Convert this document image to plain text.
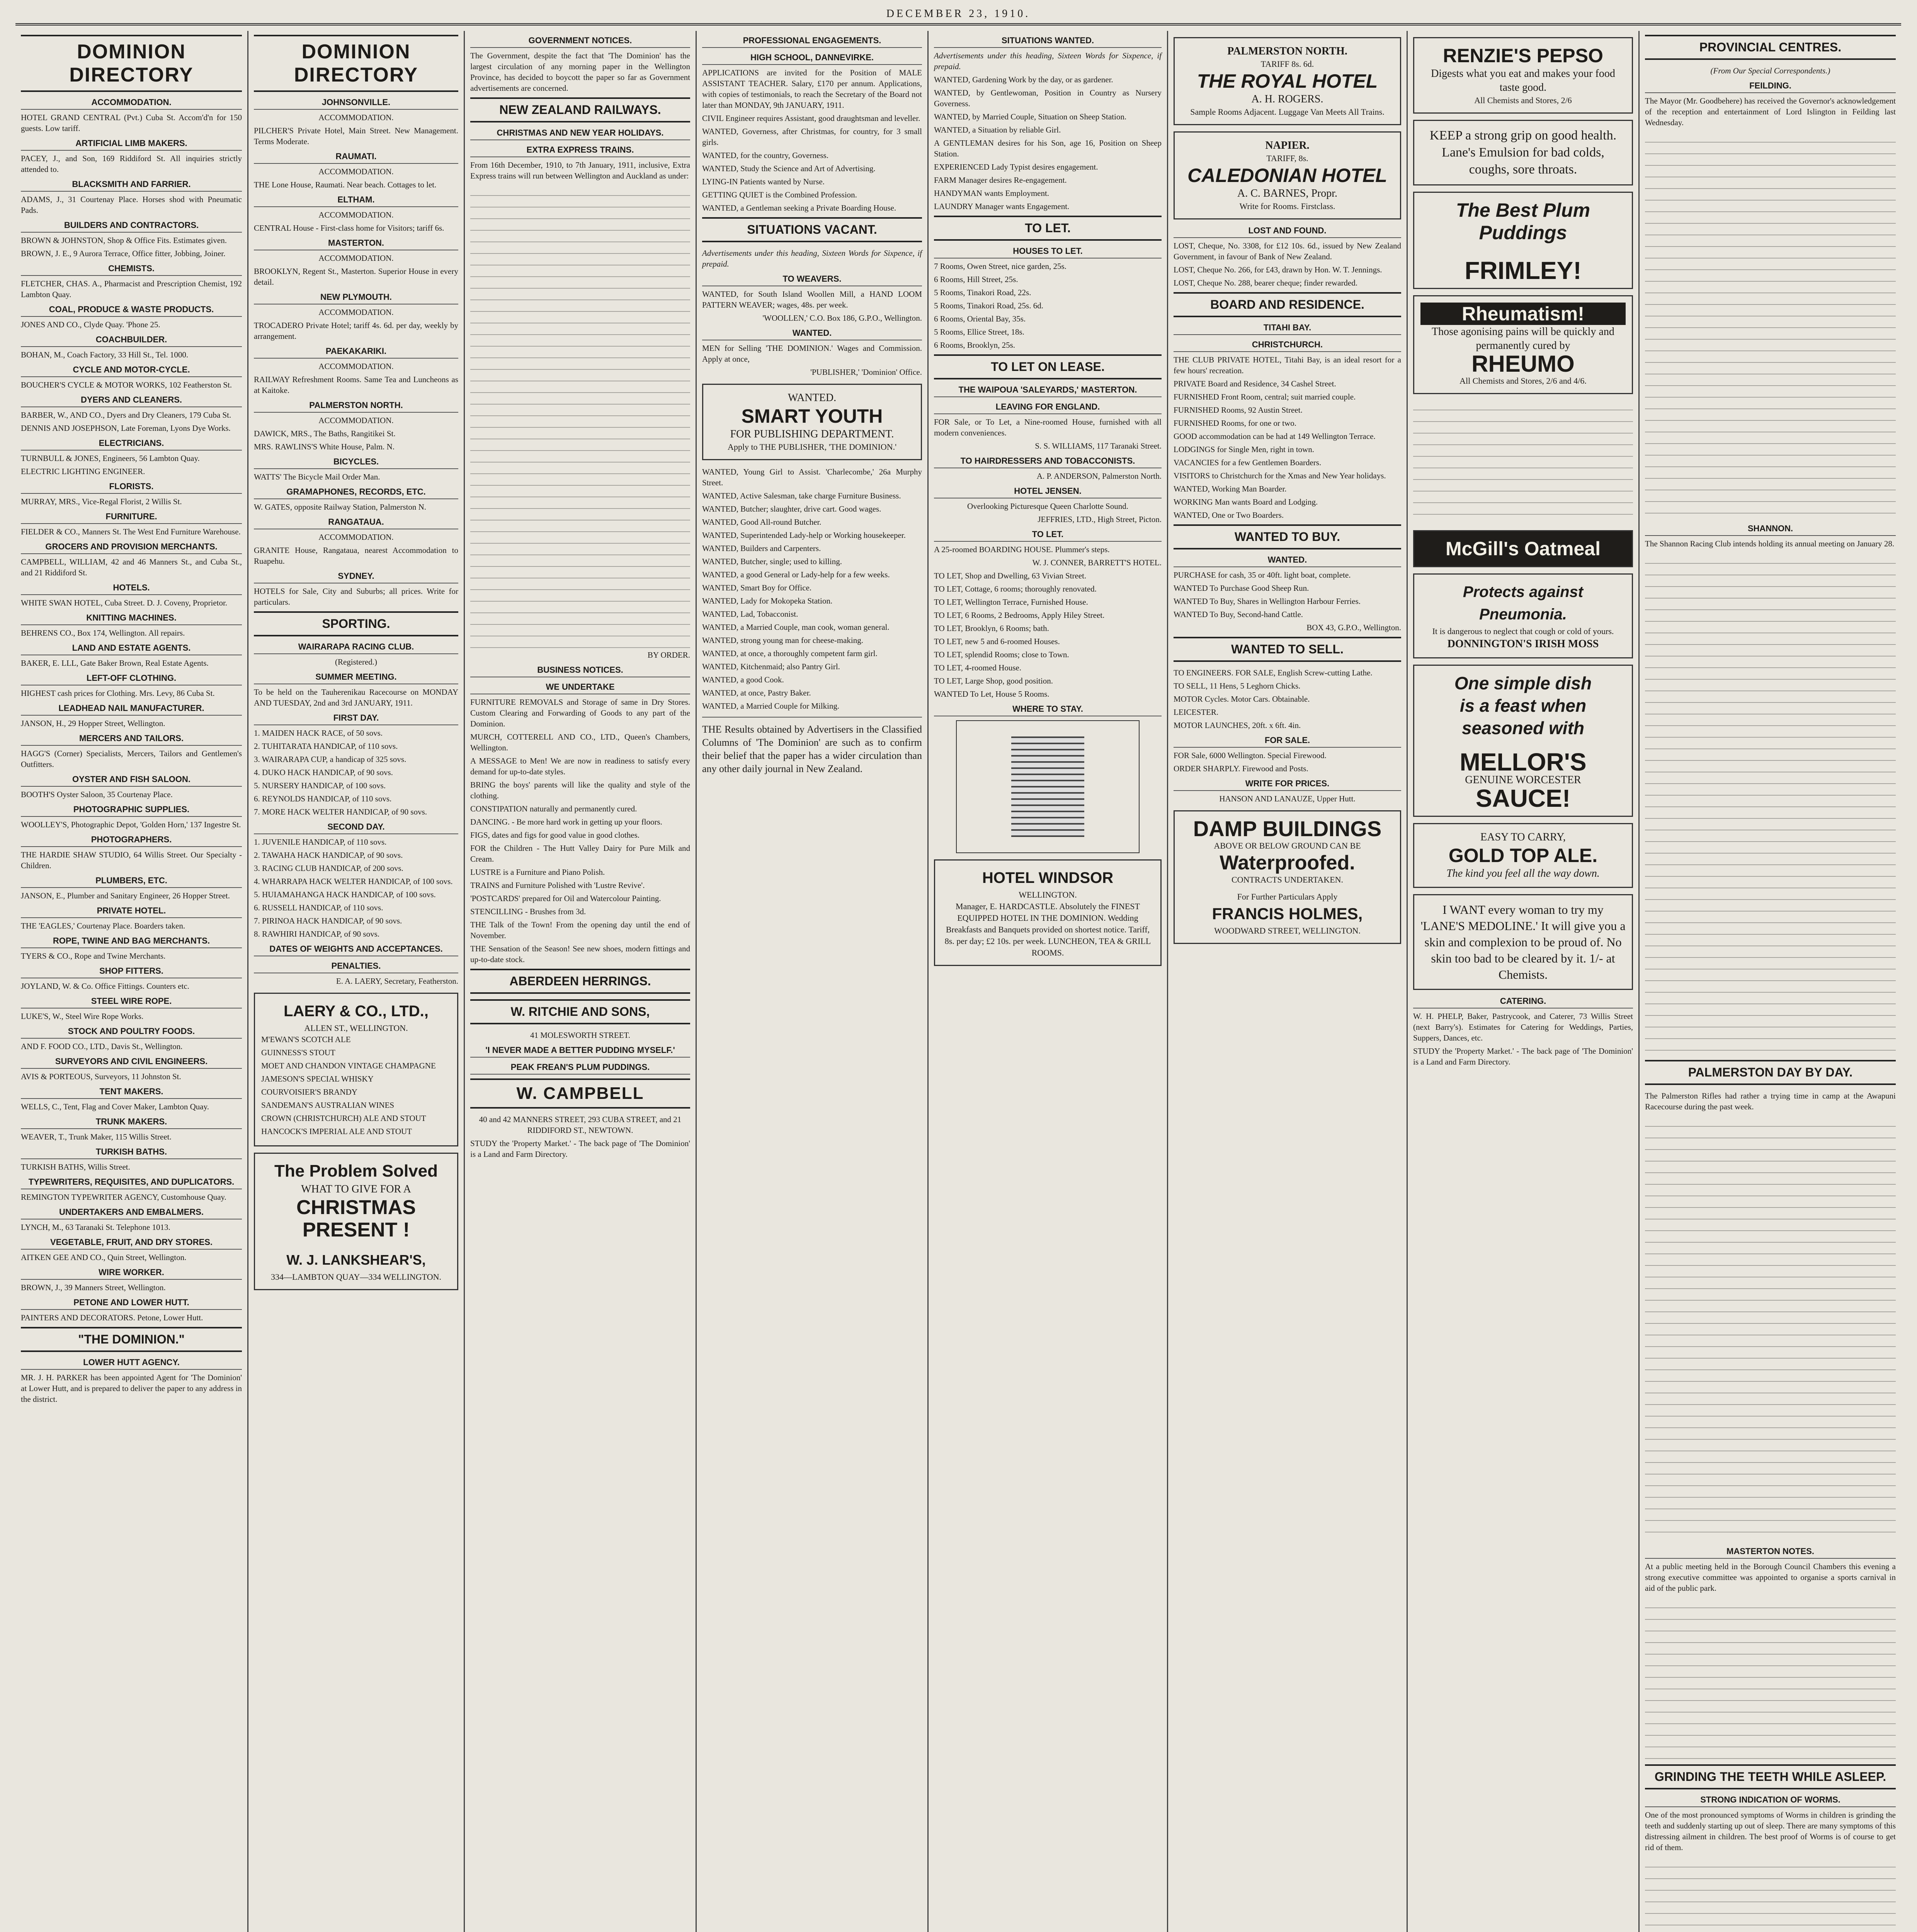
DECEMBER 23, 1910.
DOMINION DIRECTORY
ACCOMMODATION.

HOTEL GRAND CENTRAL (Pvt.) Cuba St. Accom'd'n for 150 guests. Low tariff.

ARTIFICIAL LIMB MAKERS.

PACEY, J., and Son, 169 Riddiford St. All inquiries strictly attended to.

BLACKSMITH AND FARRIER.

ADAMS, J., 31 Courtenay Place. Horses shod with Pneumatic Pads.

BUILDERS AND CONTRACTORS.

BROWN & JOHNSTON, Shop & Office Fits. Estimates given.

BROWN, J. E., 9 Aurora Terrace, Office fitter, Jobbing, Joiner.

CHEMISTS.

FLETCHER, CHAS. A., Pharmacist and Prescription Chemist, 192 Lambton Quay.

COAL, PRODUCE & WASTE PRODUCTS.

JONES AND CO., Clyde Quay. 'Phone 25.

COACHBUILDER.

BOHAN, M., Coach Factory, 33 Hill St., Tel. 1000.

CYCLE AND MOTOR-CYCLE.

BOUCHER'S CYCLE & MOTOR WORKS, 102 Featherston St.

DYERS AND CLEANERS.

BARBER, W., AND CO., Dyers and Dry Cleaners, 179 Cuba St.

DENNIS AND JOSEPHSON, Late Foreman, Lyons Dye Works.

ELECTRICIANS.

TURNBULL & JONES, Engineers, 56 Lambton Quay.

ELECTRIC LIGHTING ENGINEER.

FLORISTS.

MURRAY, MRS., Vice-Regal Florist, 2 Willis St.

FURNITURE.

FIELDER & CO., Manners St. The West End Furniture Warehouse.

GROCERS AND PROVISION MERCHANTS.

CAMPBELL, WILLIAM, 42 and 46 Manners St., and Cuba St., and 21 Riddiford St.

HOTELS.

WHITE SWAN HOTEL, Cuba Street. D. J. Coveny, Proprietor.

KNITTING MACHINES.

BEHRENS CO., Box 174, Wellington. All repairs.

LAND AND ESTATE AGENTS.

BAKER, E. LLL, Gate Baker Brown, Real Estate Agents.

LEFT-OFF CLOTHING.

HIGHEST cash prices for Clothing. Mrs. Levy, 86 Cuba St.

LEADHEAD NAIL MANUFACTURER.

JANSON, H., 29 Hopper Street, Wellington.

MERCERS AND TAILORS.

HAGG'S (Corner) Specialists, Mercers, Tailors and Gentlemen's Outfitters.

OYSTER AND FISH SALOON.

BOOTH'S Oyster Saloon, 35 Courtenay Place.

PHOTOGRAPHIC SUPPLIES.

WOOLLEY'S, Photographic Depot, 'Golden Horn,' 137 Ingestre St.

PHOTOGRAPHERS.

THE HARDIE SHAW STUDIO, 64 Willis Street. Our Specialty - Children.

PLUMBERS, ETC.

JANSON, E., Plumber and Sanitary Engineer, 26 Hopper Street.

PRIVATE HOTEL.

THE 'EAGLES,' Courtenay Place. Boarders taken.

ROPE, TWINE AND BAG MERCHANTS.

TYERS & CO., Rope and Twine Merchants.

SHOP FITTERS.

JOYLAND, W. & Co. Office Fittings. Counters etc.

STEEL WIRE ROPE.

LUKE'S, W., Steel Wire Rope Works.

STOCK AND POULTRY FOODS.

AND F. FOOD CO., LTD., Davis St., Wellington.

SURVEYORS AND CIVIL ENGINEERS.

AVIS & PORTEOUS, Surveyors, 11 Johnston St.

TENT MAKERS.

WELLS, C., Tent, Flag and Cover Maker, Lambton Quay.

TRUNK MAKERS.

WEAVER, T., Trunk Maker, 115 Willis Street.

TURKISH BATHS.

TURKISH BATHS, Willis Street.

TYPEWRITERS, REQUISITES, AND DUPLICATORS.

REMINGTON TYPEWRITER AGENCY, Customhouse Quay.

UNDERTAKERS AND EMBALMERS.

LYNCH, M., 63 Taranaki St. Telephone 1013.

VEGETABLE, FRUIT, AND DRY STORES.

AITKEN GEE AND CO., Quin Street, Wellington.

WIRE WORKER.

BROWN, J., 39 Manners Street, Wellington.

PETONE AND LOWER HUTT.

PAINTERS AND DECORATORS. Petone, Lower Hutt.

"THE DOMINION."
LOWER HUTT AGENCY.

MR. J. H. PARKER has been appointed Agent for 'The Dominion' at Lower Hutt, and is prepared to deliver the paper to any address in the district.

DOMINION DIRECTORY
JOHNSONVILLE.

ACCOMMODATION.

PILCHER'S Private Hotel, Main Street. New Management. Terms Moderate.

RAUMATI.

ACCOMMODATION.

THE Lone House, Raumati. Near beach. Cottages to let.

ELTHAM.

ACCOMMODATION.

CENTRAL House - First-class home for Visitors; tariff 6s.

MASTERTON.

ACCOMMODATION.

BROOKLYN, Regent St., Masterton. Superior House in every detail.

NEW PLYMOUTH.

ACCOMMODATION.

TROCADERO Private Hotel; tariff 4s. 6d. per day, weekly by arrangement.

PAEKAKARIKI.

ACCOMMODATION.

RAILWAY Refreshment Rooms. Same Tea and Luncheons as at Kaitoke.

PALMERSTON NORTH.

ACCOMMODATION.

DAWICK, MRS., The Baths, Rangitikei St.

MRS. RAWLINS'S White House, Palm. N.

BICYCLES.

WATTS' The Bicycle Mail Order Man.

GRAMAPHONES, RECORDS, ETC.

W. GATES, opposite Railway Station, Palmerston N.

RANGATAUA.

ACCOMMODATION.

GRANITE House, Rangataua, nearest Accommodation to Ruapehu.

SYDNEY.

HOTELS for Sale, City and Suburbs; all prices. Write for particulars.

SPORTING.
WAIRARAPA RACING CLUB.

(Registered.)

SUMMER MEETING.

To be held on the Tauherenikau Racecourse on MONDAY AND TUESDAY, 2nd and 3rd JANUARY, 1911.

FIRST DAY.

1. MAIDEN HACK RACE, of 50 sovs.

2. TUHITARATA HANDICAP, of 110 sovs.

3. WAIRARAPA CUP, a handicap of 325 sovs.

4. DUKO HACK HANDICAP, of 90 sovs.

5. NURSERY HANDICAP, of 100 sovs.

6. REYNOLDS HANDICAP, of 110 sovs.

7. MORE HACK WELTER HANDICAP, of 90 sovs.

SECOND DAY.

1. JUVENILE HANDICAP, of 110 sovs.

2. TAWAHA HACK HANDICAP, of 90 sovs.

3. RACING CLUB HANDICAP, of 200 sovs.

4. WHARRAPA HACK WELTER HANDICAP, of 100 sovs.

5. HUIAMAHANGA HACK HANDICAP, of 100 sovs.

6. RUSSELL HANDICAP, of 110 sovs.

7. PIRINOA HACK HANDICAP, of 90 sovs.

8. RAWHIRI HANDICAP, of 90 sovs.

DATES OF WEIGHTS AND ACCEPTANCES.
PENALTIES.

E. A. LAERY, Secretary, Featherston.

LAERY & CO., LTD.,
ALLEN ST., WELLINGTON.

M'EWAN'S SCOTCH ALE

GUINNESS'S STOUT

MOET AND CHANDON VINTAGE CHAMPAGNE

JAMESON'S SPECIAL WHISKY

COURVOISIER'S BRANDY

SANDEMAN'S AUSTRALIAN WINES

CROWN (CHRISTCHURCH) ALE AND STOUT

HANCOCK'S IMPERIAL ALE AND STOUT

The Problem Solved
WHAT TO GIVE FOR A
CHRISTMAS PRESENT !
W. J. LANKSHEAR'S,
334—LAMBTON QUAY—334 WELLINGTON.
GOVERNMENT NOTICES.

The Government, despite the fact that 'The Dominion' has the largest circulation of any morning paper in the Wellington Province, has decided to boycott the paper so far as Government advertisements are concerned.

NEW ZEALAND RAILWAYS.
CHRISTMAS AND NEW YEAR HOLIDAYS.
EXTRA EXPRESS TRAINS.

From 16th December, 1910, to 7th January, 1911, inclusive, Extra Express trains will run between Wellington and Auckland as under:

BY ORDER.

BUSINESS NOTICES.
WE UNDERTAKE

FURNITURE REMOVALS and Storage of same in Dry Stores. Custom Clearing and Forwarding of Goods to any part of the Dominion.

MURCH, COTTERELL AND CO., LTD., Queen's Chambers, Wellington.

A MESSAGE to Men! We are now in readiness to satisfy every demand for up-to-date styles.

BRING the boys' parents will like the quality and style of the clothing.

CONSTIPATION naturally and permanently cured.

DANCING. - Be more hard work in getting up your floors.

FIGS, dates and figs for good value in good clothes.

FOR the Children - The Hutt Valley Dairy for Pure Milk and Cream.

LUSTRE is a Furniture and Piano Polish.

TRAINS and Furniture Polished with 'Lustre Revive'.

'POSTCARDS' prepared for Oil and Watercolour Painting.

STENCILLING - Brushes from 3d.

THE Talk of the Town! From the opening day until the end of November.

THE Sensation of the Season! See new shoes, modern fittings and up-to-date stock.

ABERDEEN HERRINGS.
W. RITCHIE AND SONS,

41 MOLESWORTH STREET.

'I NEVER MADE A BETTER PUDDING MYSELF.'
PEAK FREAN'S PLUM PUDDINGS.
W. CAMPBELL

40 and 42 MANNERS STREET, 293 CUBA STREET, and 21 RIDDIFORD ST., NEWTOWN.

STUDY the 'Property Market.' - The back page of 'The Dominion' is a Land and Farm Directory.

PROFESSIONAL ENGAGEMENTS.
HIGH SCHOOL, DANNEVIRKE.

APPLICATIONS are invited for the Position of MALE ASSISTANT TEACHER. Salary, £170 per annum. Applications, with copies of testimonials, to reach the Secretary of the Board not later than MONDAY, 9th JANUARY, 1911.

CIVIL Engineer requires Assistant, good draughtsman and leveller.

WANTED, Governess, after Christmas, for country, for 3 small girls.

WANTED, for the country, Governess.

WANTED, Study the Science and Art of Advertising.

LYING-IN Patients wanted by Nurse.

GETTING QUIET is the Combined Profession.

WANTED, a Gentleman seeking a Private Boarding House.

SITUATIONS VACANT.

Advertisements under this heading, Sixteen Words for Sixpence, if prepaid.

TO WEAVERS.

WANTED, for South Island Woollen Mill, a HAND LOOM PATTERN WEAVER; wages, 48s. per week.

'WOOLLEN,' C.O. Box 186, G.P.O., Wellington.

WANTED.

MEN for Selling 'THE DOMINION.' Wages and Commission. Apply at once,

'PUBLISHER,' 'Dominion' Office.

WANTED.
SMART YOUTH
FOR PUBLISHING DEPARTMENT.
Apply to THE PUBLISHER, 'THE DOMINION.'

WANTED, Young Girl to Assist. 'Charlecombe,' 26a Murphy Street.

WANTED, Active Salesman, take charge Furniture Business.

WANTED, Butcher; slaughter, drive cart. Good wages.

WANTED, Good All-round Butcher.

WANTED, Superintended Lady-help or Working housekeeper.

WANTED, Builders and Carpenters.

WANTED, Butcher, single; used to killing.

WANTED, a good General or Lady-help for a few weeks.

WANTED, Smart Boy for Office.

WANTED, Lady for Mokopeka Station.

WANTED, Lad, Tobacconist.

WANTED, a Married Couple, man cook, woman general.

WANTED, strong young man for cheese-making.

WANTED, at once, a thoroughly competent farm girl.

WANTED, Kitchenmaid; also Pantry Girl.

WANTED, a good Cook.

WANTED, at once, Pastry Baker.

WANTED, a Married Couple for Milking.

THE Results obtained by Advertisers in the Classified Columns of 'The Dominion' are such as to confirm their belief that the paper has a wider circulation than any other daily journal in New Zealand.

SITUATIONS WANTED.

Advertisements under this heading, Sixteen Words for Sixpence, if prepaid.

WANTED, Gardening Work by the day, or as gardener.

WANTED, by Gentlewoman, Position in Country as Nursery Governess.

WANTED, by Married Couple, Situation on Sheep Station.

WANTED, a Situation by reliable Girl.

A GENTLEMAN desires for his Son, age 16, Position on Sheep Station.

EXPERIENCED Lady Typist desires engagement.

FARM Manager desires Re-engagement.

HANDYMAN wants Employment.

LAUNDRY Manager wants Engagement.

TO LET.
HOUSES TO LET.

7 Rooms, Owen Street, nice garden, 25s.

6 Rooms, Hill Street, 25s.

5 Rooms, Tinakori Road, 22s.

5 Rooms, Tinakori Road, 25s. 6d.

6 Rooms, Oriental Bay, 35s.

5 Rooms, Ellice Street, 18s.

6 Rooms, Brooklyn, 25s.

TO LET ON LEASE.
THE WAIPOUA 'SALEYARDS,' MASTERTON.
LEAVING FOR ENGLAND.

FOR Sale, or To Let, a Nine-roomed House, furnished with all modern conveniences.

S. S. WILLIAMS, 117 Taranaki Street.

TO HAIRDRESSERS AND TOBACCONISTS.

A. P. ANDERSON, Palmerston North.

HOTEL JENSEN.

Overlooking Picturesque Queen Charlotte Sound.

JEFFRIES, LTD., High Street, Picton.

TO LET.

A 25-roomed BOARDING HOUSE. Plummer's steps.

W. J. CONNER, BARRETT'S HOTEL.

TO LET, Shop and Dwelling, 63 Vivian Street.

TO LET, Cottage, 6 rooms; thoroughly renovated.

TO LET, Wellington Terrace, Furnished House.

TO LET, 6 Rooms, 2 Bedrooms, Apply Hiley Street.

TO LET, Brooklyn, 6 Rooms; bath.

TO LET, new 5 and 6-roomed Houses.

TO LET, splendid Rooms; close to Town.

TO LET, 4-roomed House.

TO LET, Large Shop, good position.

WANTED To Let, House 5 Rooms.

WHERE TO STAY.
HOTEL WINDSOR
WELLINGTON.
Manager, E. HARDCASTLE. Absolutely the FINEST EQUIPPED HOTEL IN THE DOMINION. Wedding Breakfasts and Banquets provided on shortest notice. Tariff, 8s. per day; £2 10s. per week. LUNCHEON, TEA & GRILL ROOMS.
PALMERSTON NORTH.
TARIFF 8s. 6d.
THE ROYAL HOTEL
A. H. ROGERS.
Sample Rooms Adjacent. Luggage Van Meets All Trains.
NAPIER.
TARIFF, 8s.
CALEDONIAN HOTEL
A. C. BARNES, Propr.
Write for Rooms. Firstclass.
LOST AND FOUND.

LOST, Cheque, No. 3308, for £12 10s. 6d., issued by New Zealand Government, in favour of Bank of New Zealand.

LOST, Cheque No. 266, for £43, drawn by Hon. W. T. Jennings.

LOST, Cheque No. 288, bearer cheque; finder rewarded.

BOARD AND RESIDENCE.
TITAHI BAY.
CHRISTCHURCH.

THE CLUB PRIVATE HOTEL, Titahi Bay, is an ideal resort for a few hours' recreation.

PRIVATE Board and Residence, 34 Cashel Street.

FURNISHED Front Room, central; suit married couple.

FURNISHED Rooms, 92 Austin Street.

FURNISHED Rooms, for one or two.

GOOD accommodation can be had at 149 Wellington Terrace.

LODGINGS for Single Men, right in town.

VACANCIES for a few Gentlemen Boarders.

VISITORS to Christchurch for the Xmas and New Year holidays.

WANTED, Working Man Boarder.

WORKING Man wants Board and Lodging.

WANTED, One or Two Boarders.

WANTED TO BUY.
WANTED.

PURCHASE for cash, 35 or 40ft. light boat, complete.

WANTED To Purchase Good Sheep Run.

WANTED To Buy, Shares in Wellington Harbour Ferries.

WANTED To Buy, Second-hand Cattle.

BOX 43, G.P.O., Wellington.

WANTED TO SELL.

TO ENGINEERS. FOR SALE, English Screw-cutting Lathe.

TO SELL, 11 Hens, 5 Leghorn Chicks.

MOTOR Cycles. Motor Cars. Obtainable.

LEICESTER.

MOTOR LAUNCHES, 20ft. x 6ft. 4in.

FOR SALE.

FOR Sale, 6000 Wellington. Special Firewood.

ORDER SHARPLY. Firewood and Posts.

WRITE FOR PRICES.

HANSON AND LANAUZE, Upper Hutt.

DAMP BUILDINGS
ABOVE OR BELOW GROUND CAN BE
Waterproofed.
CONTRACTS UNDERTAKEN.
For Further Particulars Apply
FRANCIS HOLMES,
WOODWARD STREET, WELLINGTON.
RENZIE'S PEPSO
Digests what you eat and makes your food taste good.
All Chemists and Stores, 2/6
KEEP a strong grip on good health. Lane's Emulsion for bad colds, coughs, sore throats.
The Best Plum Puddings
FRIMLEY!
Rheumatism!
Those agonising pains will be quickly and permanently cured by
RHEUMO
All Chemists and Stores, 2/6 and 4/6.
McGill's Oatmeal
Protects against Pneumonia.
It is dangerous to neglect that cough or cold of yours.
DONNINGTON'S IRISH MOSS
One simple dish
is a feast when
seasoned with
MELLOR'S
GENUINE WORCESTER
SAUCE!
EASY TO CARRY,
GOLD TOP ALE.
The kind you feel all the way down.
I WANT every woman to try my 'LANE'S MEDOLINE.' It will give you a skin and complexion to be proud of. No skin too bad to be cleared by it. 1/- at Chemists.
CATERING.

W. H. PHELP, Baker, Pastrycook, and Caterer, 73 Willis Street (next Barry's). Estimates for Catering for Weddings, Parties, Suppers, Dances, etc.

STUDY the 'Property Market.' - The back page of 'The Dominion' is a Land and Farm Directory.

PROVINCIAL CENTRES.

(From Our Special Correspondents.)

FEILDING.

The Mayor (Mr. Goodbehere) has received the Governor's acknowledgement of the reception and entertainment of Lord Islington in Feilding last Wednesday.

SHANNON.

The Shannon Racing Club intends holding its annual meeting on January 28.

PALMERSTON DAY BY DAY.

The Palmerston Rifles had rather a trying time in camp at the Awapuni Racecourse during the past week.

MASTERTON NOTES.

At a public meeting held in the Borough Council Chambers this evening a strong executive committee was appointed to organise a sports carnival in aid of the public park.

GRINDING THE TEETH WHILE ASLEEP.
STRONG INDICATION OF WORMS.

One of the most pronounced symptoms of Worms in children is grinding the teeth and suddenly starting up out of sleep. There are many symptoms of this distressing ailment in children. The best proof of Worms is of course to get rid of them.
